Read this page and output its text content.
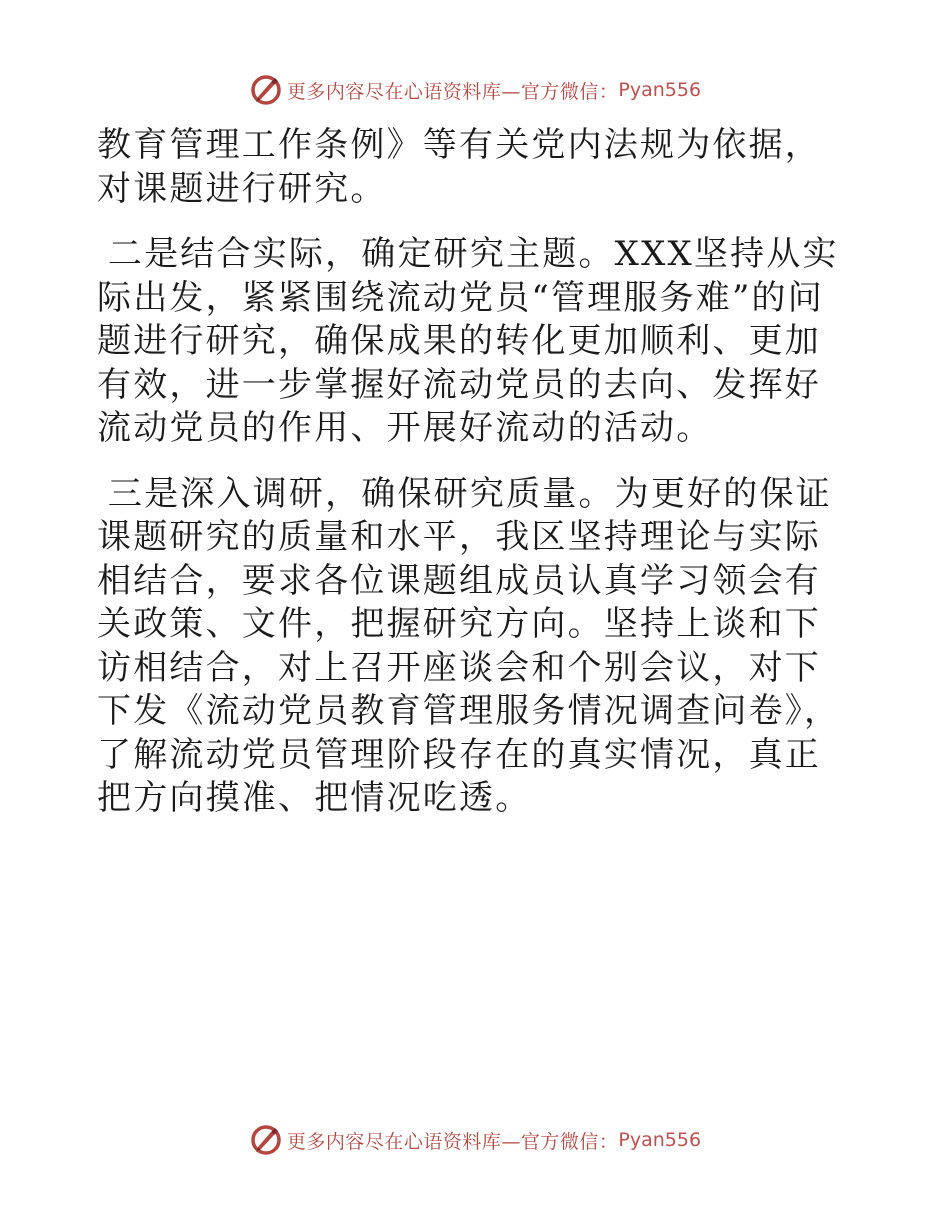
更多内容尽在心语资料库—官方微信： Pyan556

教育管理工作条例》等有关党内法规为依据，对课题进行研究。

二是结合实际，确定研究主题。XXX坚持从实际出发，紧紧围绕流动党员“管理服务难”的问题进行研究，确保成果的转化更加顺利、更加有效，进一步掌握好流动党员的去向、发挥好流动党员的作用、开展好流动的活动。

三是深入调研，确保研究质量。为更好的保证课题研究的质量和水平，我区坚持理论与实际相结合，要求各位课题组成员认真学习领会有关政策、文件，把握研究方向。坚持上谈和下访相结合，对上召开座谈会和个别会议，对下下发《流动党员教育管理服务情况调查问卷》，了解流动党员管理阶段存在的真实情况，真正把方向摸准、把情况吃透。

更多内容尽在心语资料库—官方微信： Pyan556
